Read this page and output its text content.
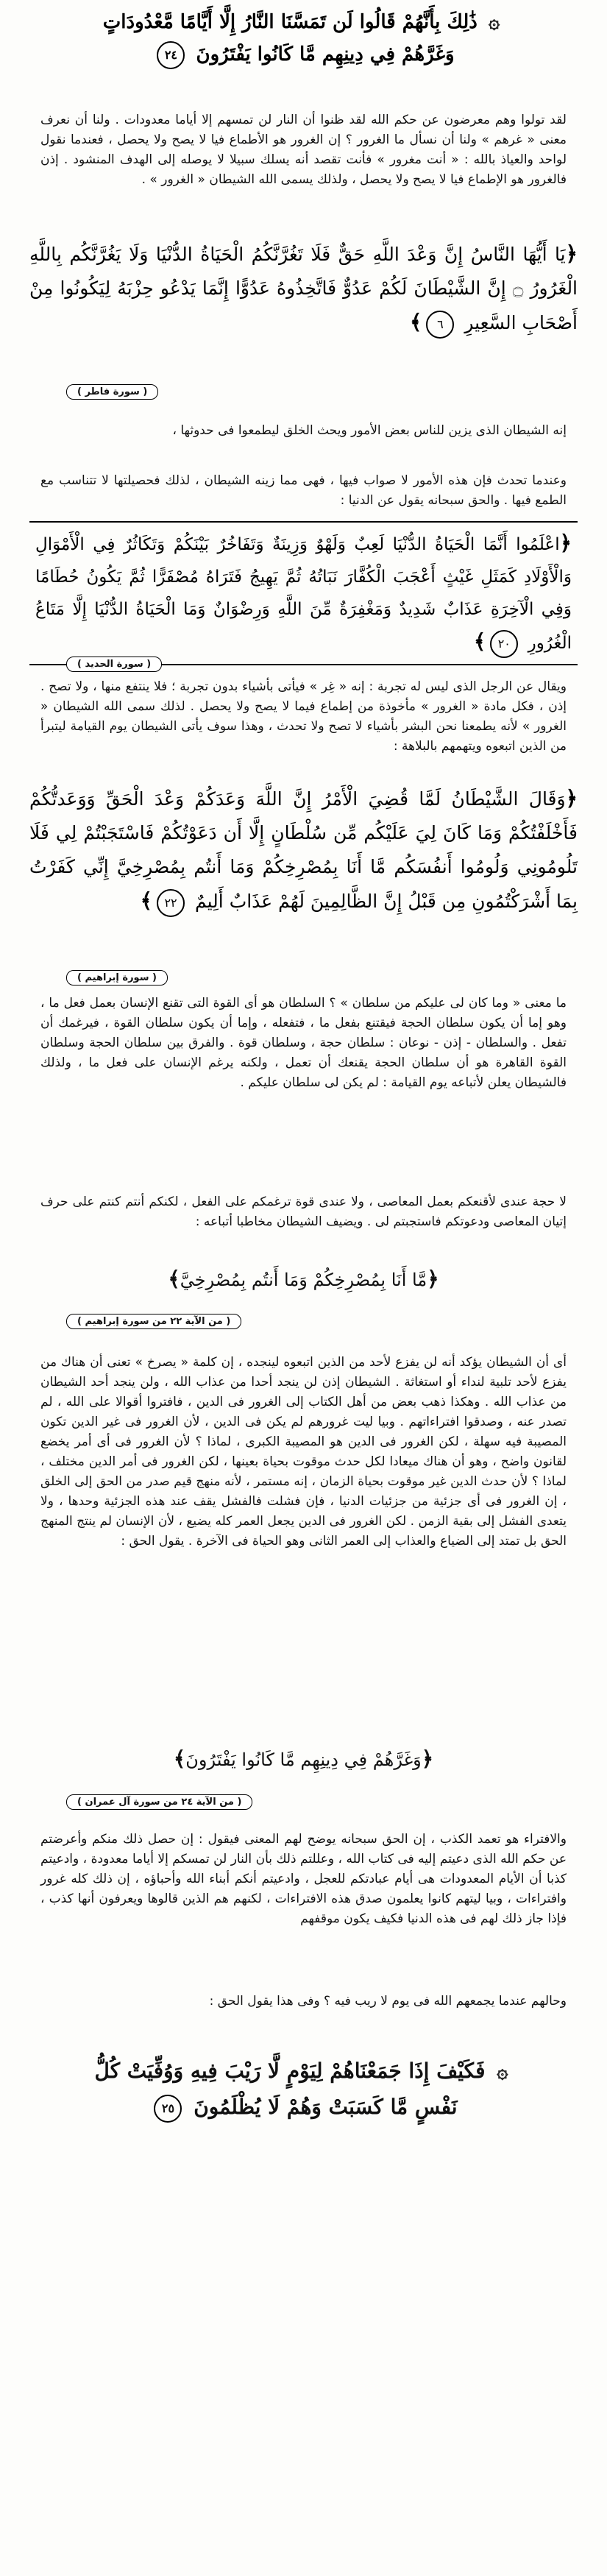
۞ ذَٰلِكَ بِأَنَّهُمْ قَالُوا لَن تَمَسَّنَا النَّارُ إِلَّا أَيَّامًا مَّعْدُودَاتٍ
وَغَرَّهُمْ فِي دِينِهِم مَّا كَانُوا يَفْتَرُونَ ٢٤
لقد تولوا وهم معرضون عن حكم الله لقد ظنوا أن النار لن تمسهم إلا أياما معدودات . ولنا أن نعرف معنى « غرهم » ولنا أن نسأل ما الغرور ؟ إن الغرور هو الأطماع فيا لا يصح ولا يحصل ، فعندما نقول لواحد والعياذ بالله : « أنت مغرور » فأنت تقصد أنه يسلك سبيلا لا يوصله إلى الهدف المنشود . إذن فالغرور هو الإطماع فيا لا يصح ولا يحصل ، ولذلك يسمى الله الشيطان « الغرور » .
﴿يَا أَيُّهَا النَّاسُ إِنَّ وَعْدَ اللَّهِ حَقٌّ فَلَا تَغُرَّنَّكُمُ الْحَيَاةُ الدُّنْيَا وَلَا يَغُرَّنَّكُم بِاللَّهِ الْغَرُورُ ۝ إِنَّ الشَّيْطَانَ لَكُمْ عَدُوٌّ فَاتَّخِذُوهُ عَدُوًّا إِنَّمَا يَدْعُو حِزْبَهُ لِيَكُونُوا مِنْ أَصْحَابِ السَّعِيرِ ٦﴾
( سورة فاطر )
إنه الشيطان الذى يزين للناس بعض الأمور ويحث الخلق ليطمعوا فى حدوثها ،
وعندما تحدث فإن هذه الأمور لا صواب فيها ، فهى مما زينه الشيطان ، لذلك فحصيلتها لا تتناسب مع الطمع فيها . والحق سبحانه يقول عن الدنيا :
﴿اعْلَمُوا أَنَّمَا الْحَيَاةُ الدُّنْيَا لَعِبٌ وَلَهْوٌ وَزِينَةٌ وَتَفَاخُرٌ بَيْنَكُمْ وَتَكَاثُرٌ فِي الْأَمْوَالِ وَالْأَوْلَادِ كَمَثَلِ غَيْثٍ أَعْجَبَ الْكُفَّارَ نَبَاتُهُ ثُمَّ يَهِيجُ فَتَرَاهُ مُصْفَرًّا ثُمَّ يَكُونُ حُطَامًا وَفِي الْآخِرَةِ عَذَابٌ شَدِيدٌ وَمَغْفِرَةٌ مِّنَ اللَّهِ وَرِضْوَانٌ وَمَا الْحَيَاةُ الدُّنْيَا إِلَّا مَتَاعُ الْغُرُورِ ٢٠﴾
( سورة الحديد )
ويقال عن الرجل الذى ليس له تجربة : إنه « غِر » فيأتى بأشياء بدون تجربة ؛ فلا ينتفع منها ، ولا تصح . إذن ، فكل مادة « الغرور » مأخوذة من إطماع فيما لا يصح ولا يحصل . لذلك سمى الله الشيطان « الغرور » لأنه يطمعنا نحن البشر بأشياء لا تصح ولا تحدث ، وهذا سوف يأتى الشيطان يوم القيامة ليتبرأ من الذين اتبعوه ويتهمهم بالبلاهة :
﴿وَقَالَ الشَّيْطَانُ لَمَّا قُضِيَ الْأَمْرُ إِنَّ اللَّهَ وَعَدَكُمْ وَعْدَ الْحَقِّ وَوَعَدتُّكُمْ فَأَخْلَفْتُكُمْ وَمَا كَانَ لِيَ عَلَيْكُم مِّن سُلْطَانٍ إِلَّا أَن دَعَوْتُكُمْ فَاسْتَجَبْتُمْ لِي فَلَا تَلُومُونِي وَلُومُوا أَنفُسَكُم مَّا أَنَا بِمُصْرِخِكُمْ وَمَا أَنتُم بِمُصْرِخِيَّ إِنِّي كَفَرْتُ بِمَا أَشْرَكْتُمُونِ مِن قَبْلُ إِنَّ الظَّالِمِينَ لَهُمْ عَذَابٌ أَلِيمٌ ٢٢﴾
( سورة إبراهيم )
ما معنى « وما كان لى عليكم من سلطان » ؟ السلطان هو أى القوة التى تقنع الإنسان بعمل فعل ما ، وهو إما أن يكون سلطان الحجة فيقتنع بفعل ما ، فتفعله ، وإما أن يكون سلطان القوة ، فيرغمك أن تفعل . والسلطان - إذن - نوعان : سلطان حجة ، وسلطان قوة . والفرق بين سلطان الحجة وسلطان القوة القاهرة هو أن سلطان الحجة يقنعك أن تعمل ، ولكنه يرغم الإنسان على فعل ما ، ولذلك فالشيطان يعلن لأتباعه يوم القيامة : لم يكن لى سلطان عليكم .
لا حجة عندى لأقنعكم بعمل المعاصى ، ولا عندى قوة ترغمكم على الفعل ، لكنكم أنتم كنتم على حرف إتيان المعاصى ودعوتكم فاستجبتم لى . ويضيف الشيطان مخاطبا أتباعه :
﴿مَّا أَنَا بِمُصْرِخِكُمْ وَمَا أَنتُم بِمُصْرِخِيَّ﴾
( من الآية ٢٢ من سورة إبراهيم )
أى أن الشيطان يؤكد أنه لن يفزع لأحد من الذين اتبعوه لينجده ، إن كلمة « يصرخ » تعنى أن هناك من يفزع لأحد تلبية لنداء أو استغاثة . الشيطان إذن لن ينجد أحدا من عذاب الله ، ولن ينجد أحد الشيطان من عذاب الله . وهكذا ذهب بعض من أهل الكتاب إلى الغرور فى الدين ، فافتروا أقوالا على الله ، لم تصدر عنه ، وصدقوا افتراءاتهم . وبيا ليت غرورهم لم يكن فى الدين ، لأن الغرور فى غير الدين تكون المصيبة فيه سهلة ، لكن الغرور فى الدين هو المصيبة الكبرى ، لماذا ؟ لأن الغرور فى أى أمر يخضع لقانون واضح ، وهو أن هناك ميعادا لكل حدث موقوت بحياة بعينها ، لكن الغرور فى أمر الدين مختلف ، لماذا ؟ لأن حدث الدين غير موقوت بحياة الزمان ، إنه مستمر ، لأنه منهج قيم صدر من الحق إلى الخلق ، إن الغرور فى أى جزئية من جزئيات الدنيا ، فإن فشلت فالفشل يقف عند هذه الجزئية وحدها ، ولا يتعدى الفشل إلى بقية الزمن . لكن الغرور فى الدين يجعل العمر كله يضيع ، لأن الإنسان لم ينتج المنهج الحق بل تمتد إلى الضياع والعذاب إلى العمر الثانى وهو الحياة فى الآخرة . يقول الحق :
﴿وَغَرَّهُمْ فِي دِينِهِم مَّا كَانُوا يَفْتَرُونَ﴾
( من الآية ٢٤ من سورة آل عمران )
والافتراء هو تعمد الكذب ، إن الحق سبحانه يوضح لهم المعنى فيقول : إن حصل ذلك منكم وأعرضتم عن حكم الله الذى دعيتم إليه فى كتاب الله ، وعللتم ذلك بأن النار لن تمسكم إلا أياما معدودة ، وادعيتم كذبا أن الأيام المعدودات هى أيام عبادتكم للعجل ، وادعيتم أنكم أبناء الله وأحباؤه ، إن ذلك كله غرور وافتراءات ، وبيا ليتهم كانوا يعلمون صدق هذه الافتراءات ، لكنهم هم الذين قالوها ويعرفون أنها كذب ، فإذا جاز ذلك لهم فى هذه الدنيا فكيف يكون موقفهم
وحالهم عندما يجمعهم الله فى يوم لا ريب فيه ؟ وفى هذا يقول الحق :
۞ فَكَيْفَ إِذَا جَمَعْنَاهُمْ لِيَوْمٍ لَّا رَيْبَ فِيهِ وَوُفِّيَتْ كُلُّ
نَفْسٍ مَّا كَسَبَتْ وَهُمْ لَا يُظْلَمُونَ ٢٥
